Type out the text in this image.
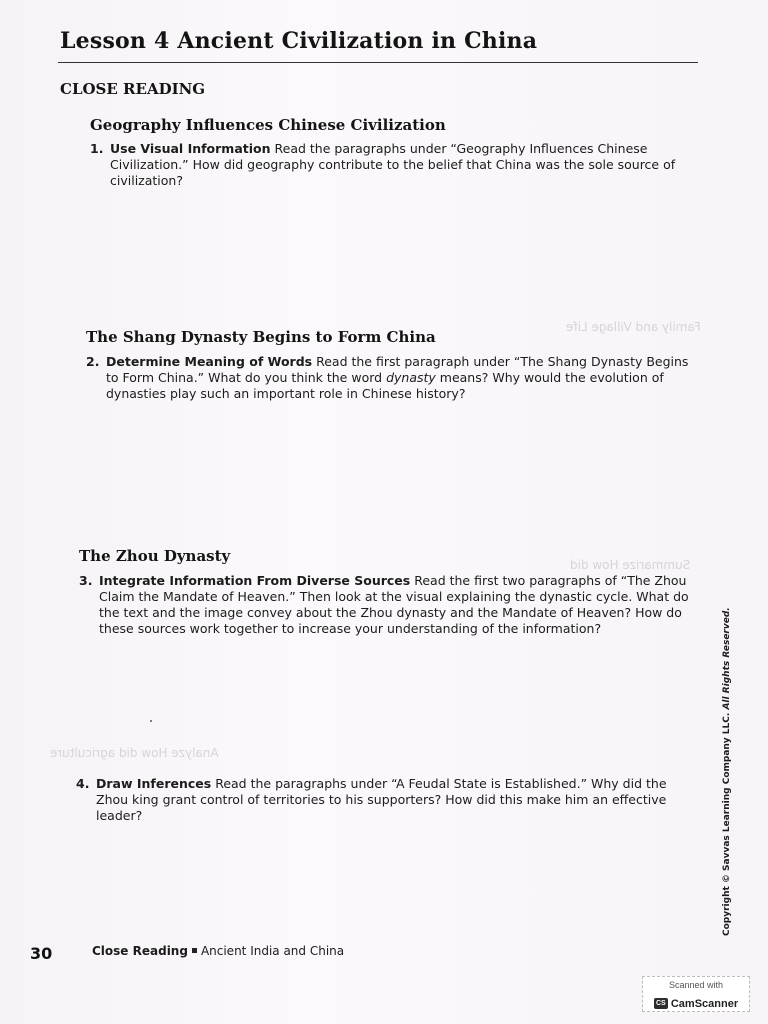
Family and Village Life
Summarize How did
Analyze How did agriculture
Lesson 4 Ancient Civilization in China
CLOSE READING
Geography Influences Chinese Civilization

1. Use Visual Information Read the paragraphs under “Geography Influences Chinese Civilization.” How did geography contribute to the belief that China was the sole source of civilization?

The Shang Dynasty Begins to Form China

2. Determine Meaning of Words Read the first paragraph under “The Shang Dynasty Begins to Form China.” What do you think the word dynasty means? Why would the evolution of dynasties play such an important role in Chinese history?

The Zhou Dynasty

3. Integrate Information From Diverse Sources Read the first two paragraphs of “The Zhou Claim the Mandate of Heaven.” Then look at the visual explaining the dynastic cycle. What do the text and the image convey about the Zhou dynasty and the Mandate of Heaven? How do these sources work together to increase your understanding of the information?

4. Draw Inferences Read the paragraphs under “A Feudal State is Established.” Why did the Zhou king grant control of territories to his supporters? How did this make him an effective leader?	Copyright © Savvas Learning Company LLC. All Rights Reserved.
30	Close Reading Ancient India and China
Scanned with
CS CamScanner
